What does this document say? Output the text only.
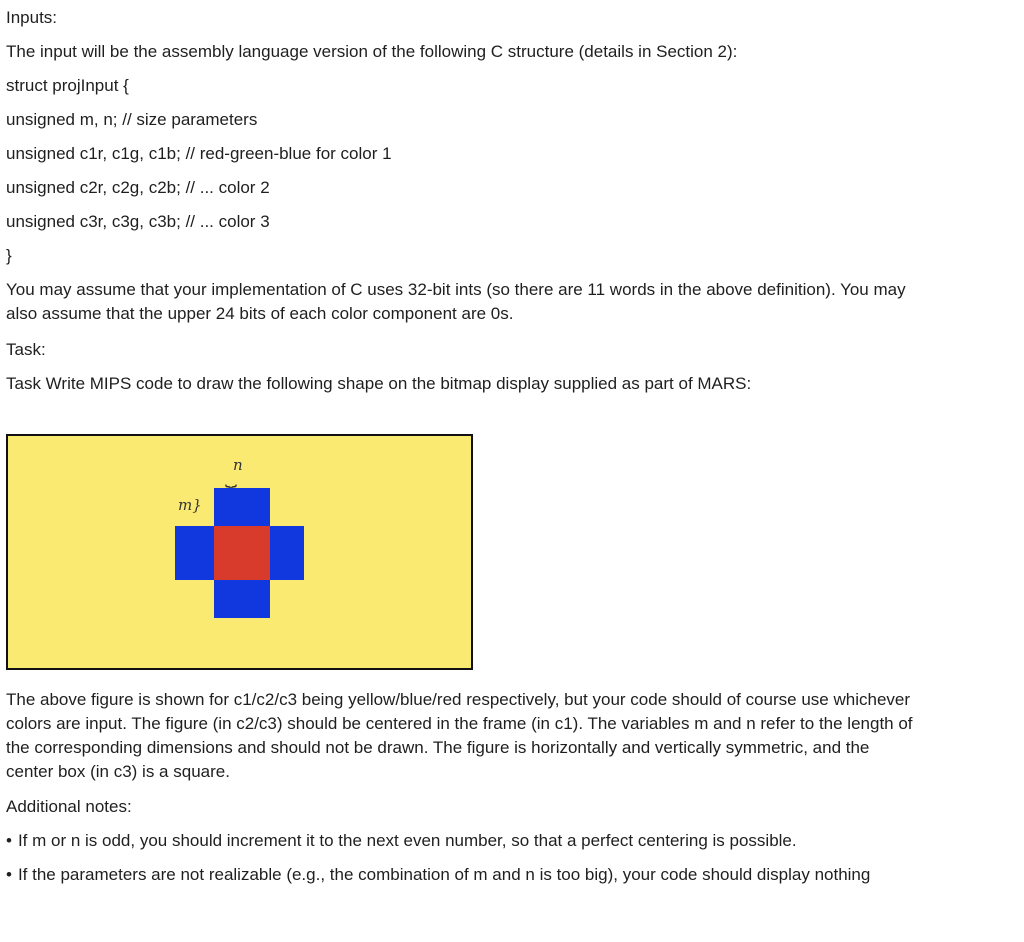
Inputs:
The input will be the assembly language version of the following C structure (details in Section 2):
struct projInput {
unsigned m, n; // size parameters
unsigned c1r, c1g, c1b; // red-green-blue for color 1
unsigned c2r, c2g, c2b; // ... color 2
unsigned c3r, c3g, c3b; // ... color 3
}
You may assume that your implementation of C uses 32-bit ints (so there are 11 words in the above definition). You may also assume that the upper 24 bits of each color component are 0s.
Task:
Task Write MIPS code to draw the following shape on the bitmap display supplied as part of MARS:
The above figure is shown for c1/c2/c3 being yellow/blue/red respectively, but your code should of course use whichever colors are input. The figure (in c2/c3) should be centered in the frame (in c1). The variables m and n refer to the length of the corresponding dimensions and should not be drawn. The figure is horizontally and vertically symmetric, and the center box (in c3) is a square.
Additional notes:
• If m or n is odd, you should increment it to the next even number, so that a perfect centering is possible.
• If the parameters are not realizable (e.g., the combination of m and n is too big), your code should display nothing
n
⏟
m}
